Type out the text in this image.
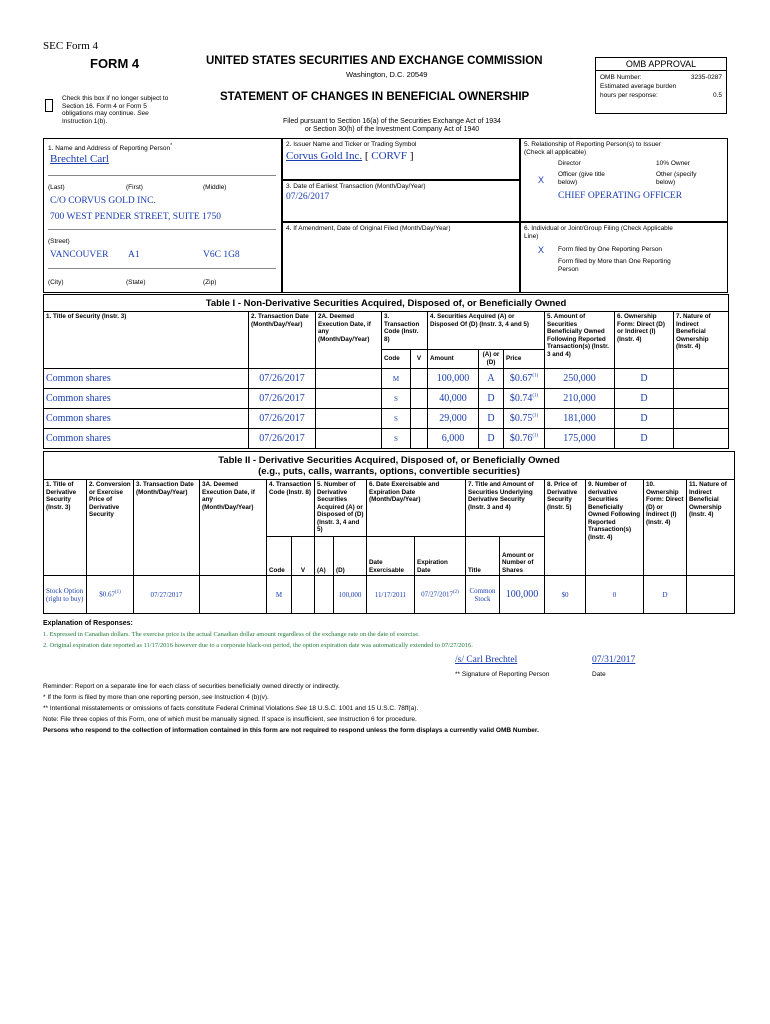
SEC Form 4
FORM 4	UNITED STATES SECURITIES AND EXCHANGE COMMISSION
Washington, D.C. 20549
STATEMENT OF CHANGES IN BENEFICIAL OWNERSHIP
Check this box if no longer subject to
Section 16. Form 4 or Form 5
obligations may continue. See
Instruction 1(b).	Filed pursuant to Section 16(a) of the Securities Exchange Act of 1934
or Section 30(h) of the Investment Company Act of 1940
OMB APPROVAL
OMB Number:	3235-0287
Estimated average burden
hours per response:	0.5
1. Name and Address of Reporting Person*
Brechtel Carl
(Last)	(First)	(Middle)
C/O CORVUS GOLD INC.
700 WEST PENDER STREET, SUITE 1750
(Street)
VANCOUVER A1	V6C 1G8
(City)	(State)	(Zip)
2. Issuer Name and Ticker or Trading Symbol
Corvus Gold Inc. [ CORVF ]
3. Date of Earliest Transaction (Month/Day/Year)
07/26/2017
4. If Amendment, Date of Original Filed (Month/Day/Year)
5. Relationship of Reporting Person(s) to Issuer
(Check all applicable)
Director	10% Owner
X
Officer (give title
below)
Other (specify
below)
CHIEF OPERATING OFFICER
6. Individual or Joint/Group Filing (Check Applicable
Line)
X Form filed by One Reporting Person
Form filed by More than One Reporting
Person
Table I - Non-Derivative Securities Acquired, Disposed of, or Beneficially Owned										
1. Title of Security (Instr. 3)	2. Transaction Date (Month/Day/Year)	2A. Deemed Execution Date, if any (Month/Day/Year)	3. Transaction Code (Instr. 8)		4. Securities Acquired (A) or Disposed Of (D) (Instr. 3, 4 and 5)			5. Amount of Securities Beneficially Owned Following Reported Transaction(s) (Instr. 3 and 4)	6. Ownership Form: Direct (D) or Indirect (I) (Instr. 4)	7. Nature of Indirect Beneficial Ownership (Instr. 4)
			Code	V	Amount	(A) or (D)	Price			
Common shares	07/26/2017		M		100,000	A	$0.67$^{(1)}$	250,000	D	
Common shares	07/26/2017		S		40,000	D	$0.74$^{(1)}$	210,000	D	
Common shares	07/26/2017		S		29,000	D	$0.75$^{(1)}$	181,000	D	
Common shares	07/26/2017		S		6,000	D	$0.76$^{(1)}$	175,000	D	
Table II - Derivative Securities Acquired, Disposed of, or Beneficially Owned
(e.g., puts, calls, warrants, options, convertible securities)															

1. Title of Derivative Security (Instr. 3)	2. Conversion or Exercise Price of Derivative Security	3. Transaction Date (Month/Day/Year)	3A. Deemed Execution Date, if any (Month/Day/Year)	4. Transaction Code (Instr. 8)		5. Number of Derivative Securities Acquired (A) or Disposed of (D) (Instr. 3, 4 and 5)		6. Date Exercisable and Expiration Date (Month/Day/Year)		7. Title and Amount of Securities Underlying Derivative Security (Instr. 3 and 4)		8. Price of Derivative Security (Instr. 5)	9. Number of derivative Securities Beneficially Owned Following Reported Transaction(s) (Instr. 4)	10. Ownership Form: Direct (D) or Indirect (I) (Instr. 4)	11. Nature of Indirect Beneficial Ownership (Instr. 4)
				Code	V	(A)	(D)	Date Exercisable	Expiration Date	Title	Amount or Number of Shares				
Stock Option (right to buy)	$0.67$^{(1)}$	07/27/2017		M			100,000	11/17/2011	07/27/2017$^{(2)}$	Common Stock	100,000	$0	0	D	
Explanation of Responses:
1. Expressed in Canadian dollars. The exercise price is the actual Canadian dollar amount regardless of the exchange rate on the date of exercise.
2. Original expiration date reported as 11/17/2016 however due to a corporate black-out period, the option expiration date was automatically extended to 07/27/2016.
/s/ Carl Brechtel	07/31/2017
** Signature of Reporting Person	Date
Reminder: Report on a separate line for each class of securities beneficially owned directly or indirectly.
* If the form is filed by more than one reporting person, see Instruction 4 (b)(v).
** Intentional misstatements or omissions of facts constitute Federal Criminal Violations See 18 U.S.C. 1001 and 15 U.S.C. 78ff(a).
Note: File three copies of this Form, one of which must be manually signed. If space is insufficient, see Instruction 6 for procedure.
Persons who respond to the collection of information contained in this form are not required to respond unless the form displays a currently valid OMB Number.
